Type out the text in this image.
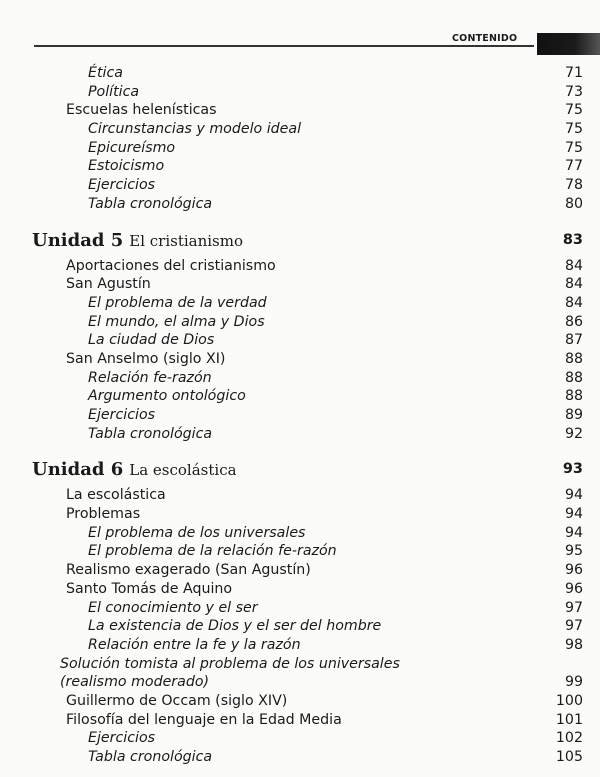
CONTENIDO
Ética	71
Política	73
Escuelas helenísticas	75
Circunstancias y modelo ideal	75
Epicureísmo	75
Estoicismo	77
Ejercicios	78
Tabla cronológica	80
Unidad 5 El cristianismo	83
Aportaciones del cristianismo	84
San Agustín	84
El problema de la verdad	84
El mundo, el alma y Dios	86
La ciudad de Dios	87
San Anselmo (siglo XI)	88
Relación fe-razón	88
Argumento ontológico	88
Ejercicios	89
Tabla cronológica	92
Unidad 6 La escolástica	93
La escolástica	94
Problemas	94
El problema de los universales	94
El problema de la relación fe-razón	95
Realismo exagerado (San Agustín)	96
Santo Tomás de Aquino	96
El conocimiento y el ser	97
La existencia de Dios y el ser del hombre	97
Relación entre la fe y la razón	98
Solución tomista al problema de los universales
(realismo moderado)	99
Guillermo de Occam (siglo XIV)	100
Filosofía del lenguaje en la Edad Media	101
Ejercicios	102
Tabla cronológica	105
